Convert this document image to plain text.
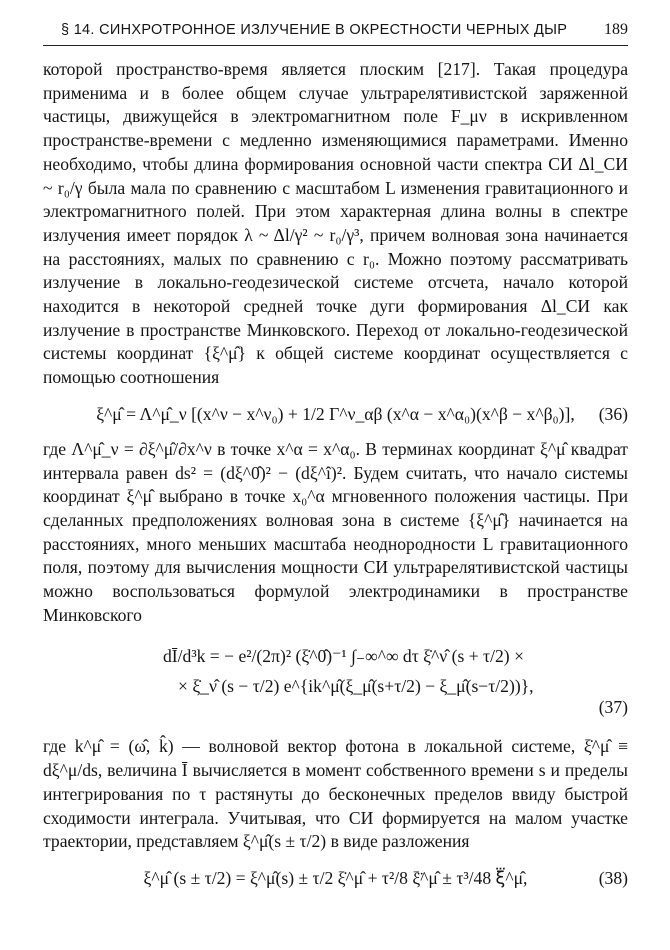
§ 14. СИНХРОТРОННОЕ ИЗЛУЧЕНИЕ В ОКРЕСТНОСТИ ЧЕРНЫХ ДЫР 189

которой пространство-время является плоским [217]. Такая процедура применима и в более общем случае ультрарелятивистской заряженной частицы, движущейся в электромагнитном поле F_μν в искривленном пространстве-времени с медленно изменяющимися параметрами. Именно необходимо, чтобы длина формирования основной части спектра СИ Δl_СИ ~ r₀/γ была мала по сравнению с масштабом L изменения гравитационного и электромагнитного полей. При этом характерная длина волны в спектре излучения имеет порядок λ ~ Δl/γ² ~ r₀/γ³, причем волновая зона начинается на расстояниях, малых по сравнению с r₀. Можно поэтому рассматривать излучение в локально-геодезической системе отсчета, начало которой находится в некоторой средней точке дуги формирования Δl_СИ как излучение в пространстве Минковского. Переход от локально-геодезической системы координат {ξ^μ̂} к общей системе координат осуществляется с помощью соотношения

ξ^μ̂ = Λ^μ̂_ν [(x^ν − x^ν₀) + 1/2 Γ^ν_αβ (x^α − x^α₀)(x^β − x^β₀)], (36)

где Λ^μ̂_ν = ∂ξ^μ̂/∂x^ν в точке x^α = x^α₀. В терминах координат ξ^μ̂ квадрат интервала равен ds² = (dξ^0̂)² − (dξ^î)². Будем считать, что начало системы координат ξ^μ̂ выбрано в точке x₀^α мгновенного положения частицы. При сделанных предположениях волновая зона в системе {ξ^μ̂} начинается на расстояниях, много меньших масштаба неоднородности L гравитационного поля, поэтому для вычисления мощности СИ ультрарелятивистской частицы можно воспользоваться формулой электродинамики в пространстве Минковского

dĪ/d³k = − e²/(2π)² (ξ̇^0̂)⁻¹ ∫₋∞^∞ dτ ξ̇^ν̂ (s + τ/2) ×
× ξ̇_ν̂ (s − τ/2) e^{ik^μ̂(ξ_μ̂(s+τ/2) − ξ_μ̂(s−τ/2))},
(37)

где k^μ̂ = (ω̂, k̂) — волновой вектор фотона в локальной системе, ξ̇^μ̂ ≡ dξ^μ/ds, величина Ī вычисляется в момент собственного времени s и пределы интегрирования по τ растянуты до бесконечных пределов ввиду быстрой сходимости интеграла. Учитывая, что СИ формируется на малом участке траектории, представляем ξ^μ̂(s ± τ/2) в виде разложения

ξ^μ̂ (s ± τ/2) = ξ^μ̂(s) ± τ/2 ξ̇^μ̂ + τ²/8 ξ̈^μ̂ ± τ³/48 ξ⃛^μ̂,	(38)
